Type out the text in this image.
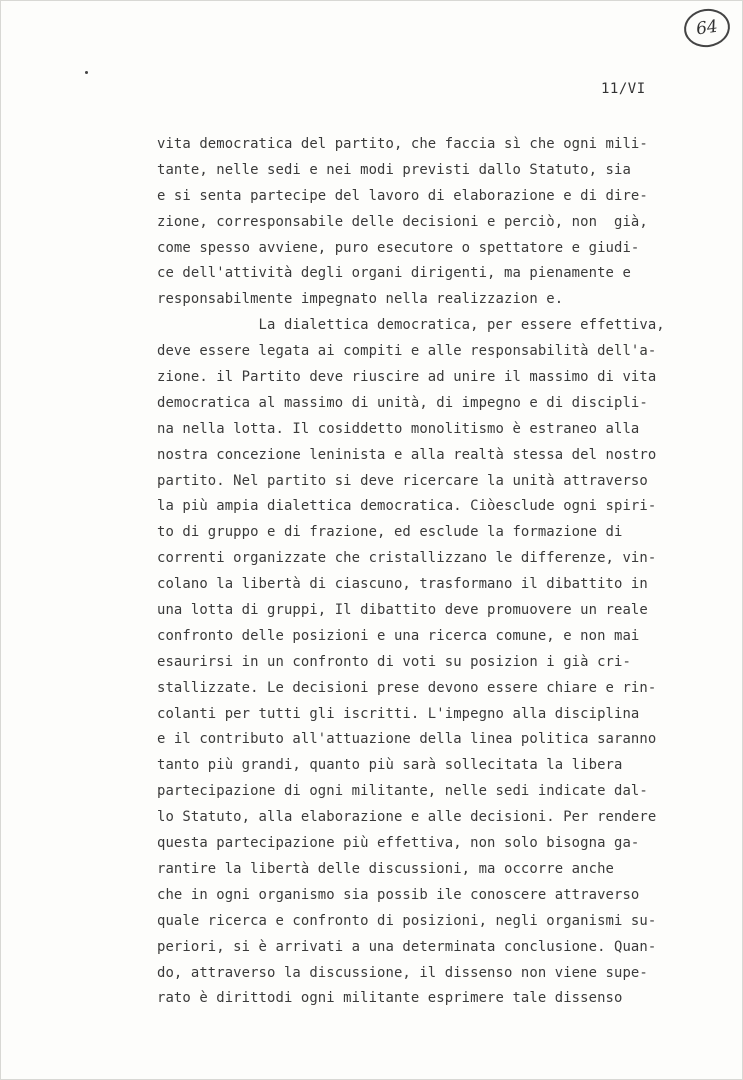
64
11/VI
vita democratica del partito, che faccia sì che ogni mili-
tante, nelle sedi e nei modi previsti dallo Statuto, sia
e si senta partecipe del lavoro di elaborazione e di dire-
zione, corresponsabile delle decisioni e perciò, non  già,
come spesso avviene, puro esecutore o spettatore e giudi-
ce dell'attività degli organi dirigenti, ma pienamente e
responsabilmente impegnato nella realizzazion e.
La dialettica democratica, per essere effettiva,
deve essere legata ai compiti e alle responsabilità dell'a-
zione. il Partito deve riuscire ad unire il massimo di vita
democratica al massimo di unità, di impegno e di discipli-
na nella lotta. Il cosiddetto monolitismo è estraneo alla
nostra concezione leninista e alla realtà stessa del nostro
partito. Nel partito si deve ricercare la unità attraverso
la più ampia dialettica democratica. Ciòesclude ogni spiri-
to di gruppo e di frazione, ed esclude la formazione di
correnti organizzate che cristallizzano le differenze, vin-
colano la libertà di ciascuno, trasformano il dibattito in
una lotta di gruppi, Il dibattito deve promuovere un reale
confronto delle posizioni e una ricerca comune, e non mai
esaurirsi in un confronto di voti su posizion i già cri-
stallizzate. Le decisioni prese devono essere chiare e rin-
colanti per tutti gli iscritti. L'impegno alla disciplina
e il contributo all'attuazione della linea politica saranno
tanto più grandi, quanto più sarà sollecitata la libera
partecipazione di ogni militante, nelle sedi indicate dal-
lo Statuto, alla elaborazione e alle decisioni. Per rendere
questa partecipazione più effettiva, non solo bisogna ga-
rantire la libertà delle discussioni, ma occorre anche
che in ogni organismo sia possib ile conoscere attraverso
quale ricerca e confronto di posizioni, negli organismi su-
periori, si è arrivati a una determinata conclusione. Quan-
do, attraverso la discussione, il dissenso non viene supe-
rato è dirittodi ogni militante esprimere tale dissenso
